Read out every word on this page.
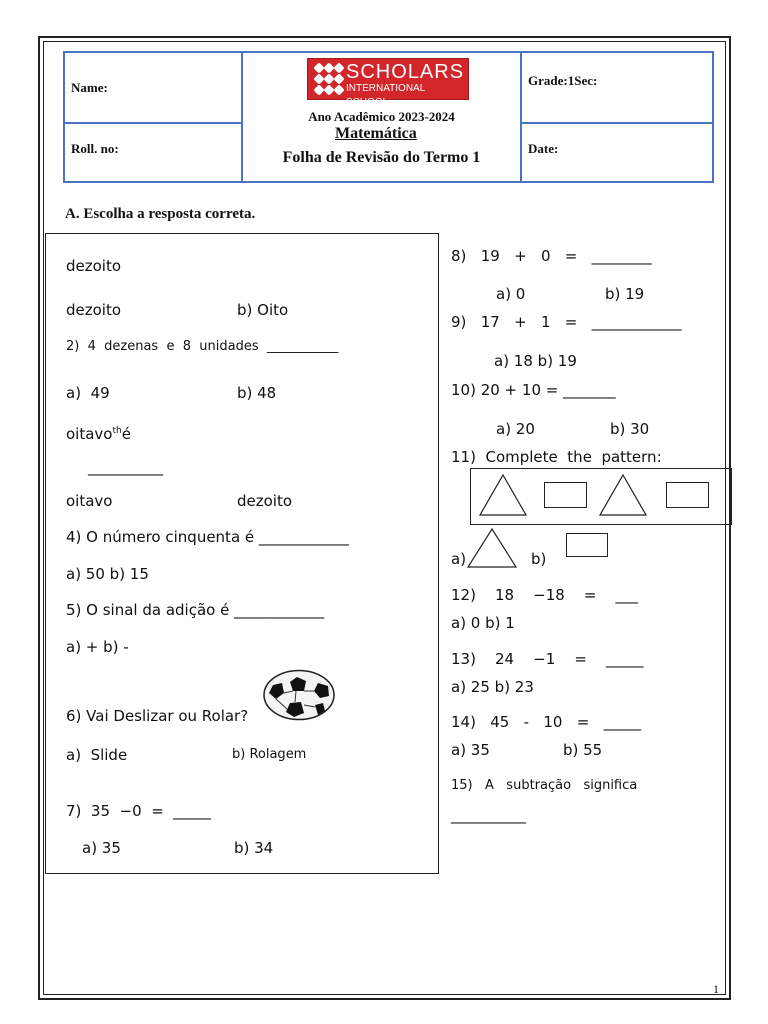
Name:
Roll. no:
Grade:1Sec:
Date:
SCHOLARS
INTERNATIONAL SCHOOL
Ano Acadêmico 2023-2024
Matemática
Folha de Revisão do Termo 1
A. Escolha a resposta correta.
dezoito
dezoito	b) Oito
2)  4  dezenas  e  8  unidades  ___________
a)  49	b) 48
oitavo$^{th}$é
__________
oitavo	dezoito
4) O número cinquenta é ____________
a) 50 b) 15
5) O sinal da adição é ____________
a) + b) -
6) Vai Deslizar ou Rolar?
a)  Slide	b) Rolagem
7)  35  −0  =  _____
a) 35	b) 34
8)   19   +   0   =   ________
a) 0	b) 19
9)   17   +   1   =   ____________
a) 18 b) 19
10) 20 + 10 = _______
a) 20	b) 30
11)  Complete  the  pattern:
a)	b)
12)    18    −18    =    ___
a) 0 b) 1
13)    24    −1    =    _____
a) 25 b) 23
14)   45   -   10   =   _____
a) 35	b) 55
15)   A   subtração   significa
__________
1
